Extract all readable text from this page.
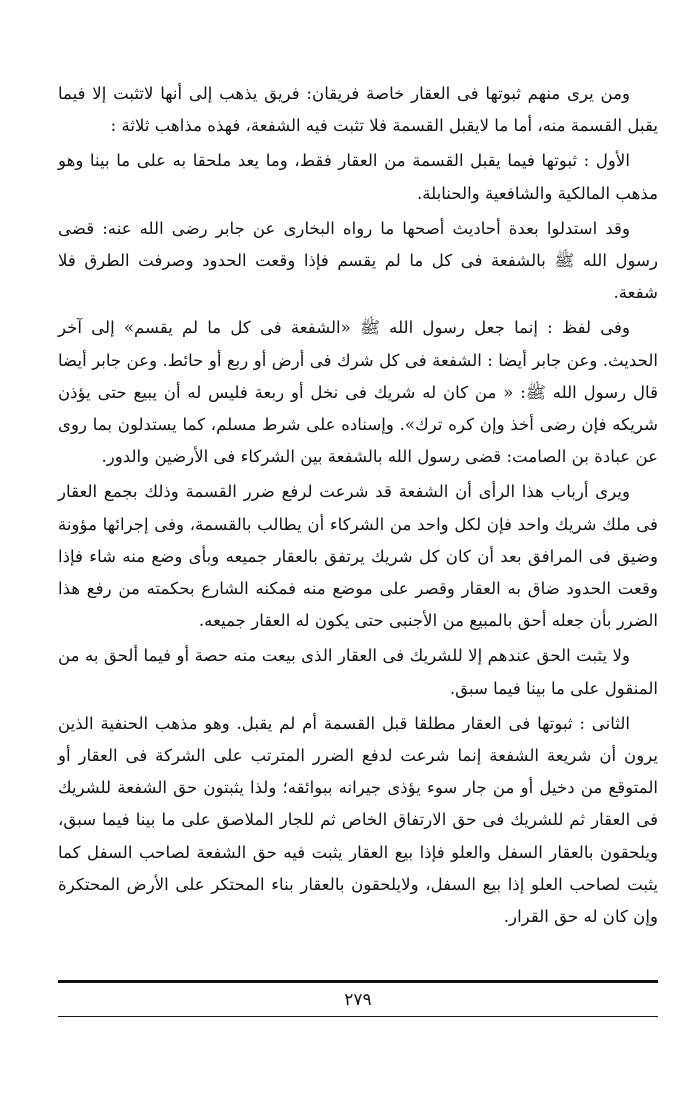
ومن يرى منهم ثبوتها فى العقار خاصة فريقان: فريق يذهب إلى أنها لاتثبت إلا فيما يقبل القسمة منه، أما ما لايقبل القسمة فلا تثبت فيه الشفعة، فهذه مذاهب ثلاثة :

الأول : ثبوتها فيما يقبل القسمة من العقار فقط، وما يعد ملحقا به على ما بينا وهو مذهب المالكية والشافعية والحنابلة.

وقد استدلوا بعدة أحاديث أصحها ما رواه البخارى عن جابر رضى الله عنه: قضى رسول الله ﷺ بالشفعة فى كل ما لم يقسم فإذا وقعت الحدود وصرفت الطرق فلا شفعة.

وفى لفظ : إنما جعل رسول الله ﷺ «الشفعة فى كل ما لم يقسم» إلى آخر الحديث. وعن جابر أيضا : الشفعة فى كل شرك فى أرض أو ربع أو حائط. وعن جابر أيضا قال رسول الله ﷺ: « من كان له شريك فى نخل أو ربعة فليس له أن يبيع حتى يؤذن شريكه فإن رضى أخذ وإن كره ترك». وإسناده على شرط مسلم، كما يستدلون بما روى عن عبادة بن الصامت: قضى رسول الله بالشفعة بين الشركاء فى الأرضين والدور.

ويرى أرباب هذا الرأى أن الشفعة قد شرعت لرفع ضرر القسمة وذلك بجمع العقار فى ملك شريك واحد فإن لكل واحد من الشركاء أن يطالب بالقسمة، وفى إجرائها مؤونة وضيق فى المرافق بعد أن كان كل شريك يرتفق بالعقار جميعه وبأى وضع منه شاء فإذا وقعت الحدود ضاق به العقار وقصر على موضع منه فمكنه الشارع بحكمته من رفع هذا الضرر بأن جعله أحق بالمبيع من الأجنبى حتى يكون له العقار جميعه.

ولا يثبت الحق عندهم إلا للشريك فى العقار الذى بيعت منه حصة أو فيما ألحق به من المنقول على ما بينا فيما سبق.

الثانى : ثبوتها فى العقار مطلقا قبل القسمة أم لم يقبل. وهو مذهب الحنفية الذين يرون أن شريعة الشفعة إنما شرعت لدفع الضرر المترتب على الشركة فى العقار أو المتوقع من دخيل أو من جار سوء يؤذى جيرانه ببوائقه؛ ولذا يثبتون حق الشفعة للشريك فى العقار ثم للشريك فى حق الارتفاق الخاص ثم للجار الملاصق على ما بينا فيما سبق، ويلحقون بالعقار السفل والعلو فإذا بيع العقار يثبت فيه حق الشفعة لصاحب السفل كما يثبت لصاحب العلو إذا بيع السفل، ولايلحقون بالعقار بناء المحتكر على الأرض المحتكرة وإن كان له حق القرار.

٢٧٩
